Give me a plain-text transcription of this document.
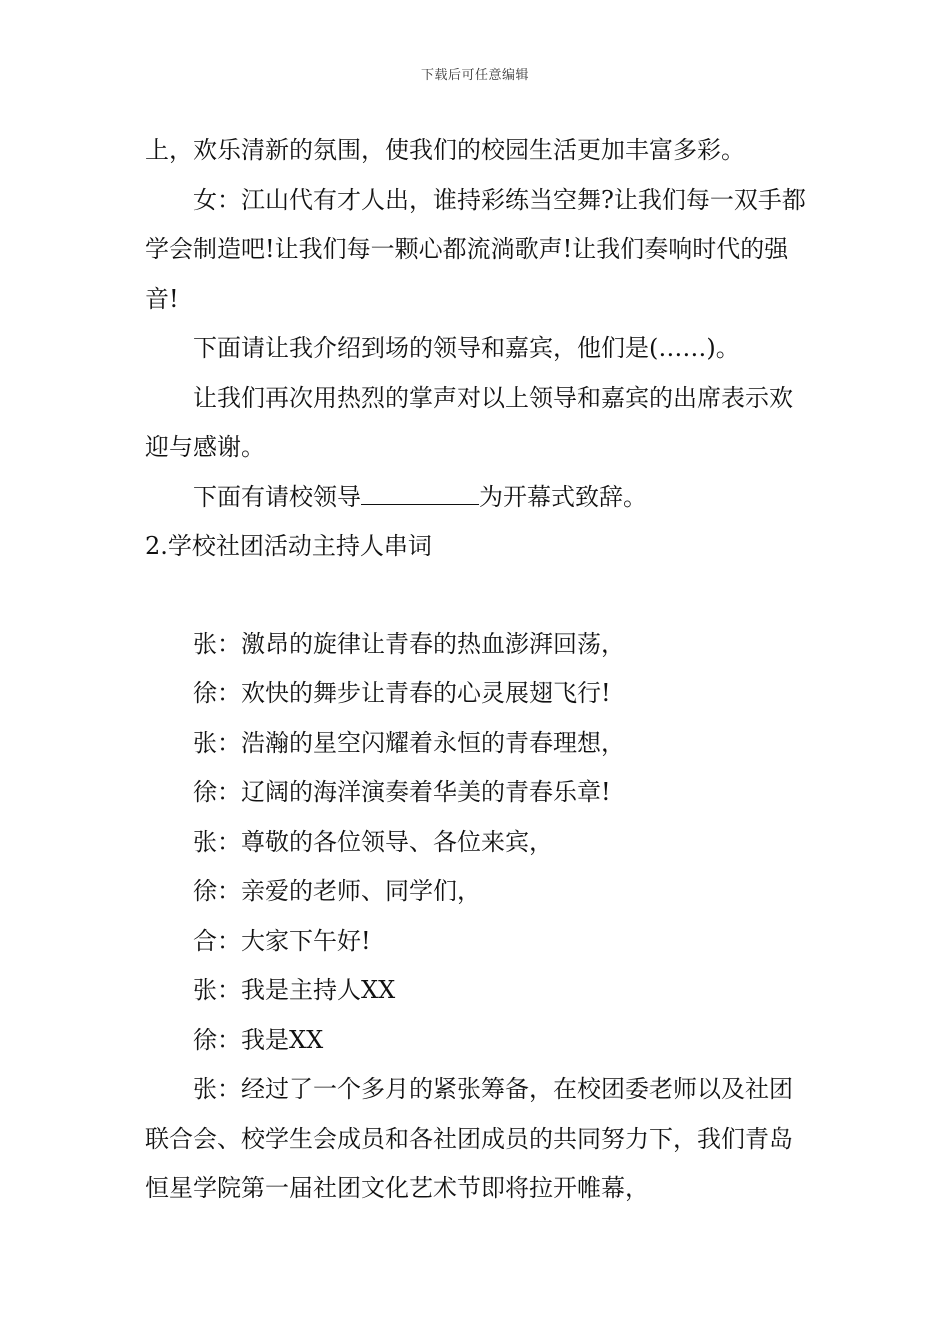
下载后可任意编辑

上，欢乐清新的氛围，使我们的校园生活更加丰富多彩。

女：江山代有才人出，谁持彩练当空舞?让我们每一双手都学会制造吧!让我们每一颗心都流淌歌声!让我们奏响时代的强音!

下面请让我介绍到场的领导和嘉宾，他们是(……)。

让我们再次用热烈的掌声对以上领导和嘉宾的出席表示欢迎与感谢。

下面有请校领导	为开幕式致辞。

2.学校社团活动主持人串词

张：激昂的旋律让青春的热血澎湃回荡，

徐：欢快的舞步让青春的心灵展翅飞行!

张：浩瀚的星空闪耀着永恒的青春理想，

徐：辽阔的海洋演奏着华美的青春乐章!

张：尊敬的各位领导、各位来宾，

徐：亲爱的老师、同学们，

合：大家下午好!

张：我是主持人XX

徐：我是XX

张：经过了一个多月的紧张筹备，在校团委老师以及社团联合会、校学生会成员和各社团成员的共同努力下，我们青岛恒星学院第一届社团文化艺术节即将拉开帷幕，
